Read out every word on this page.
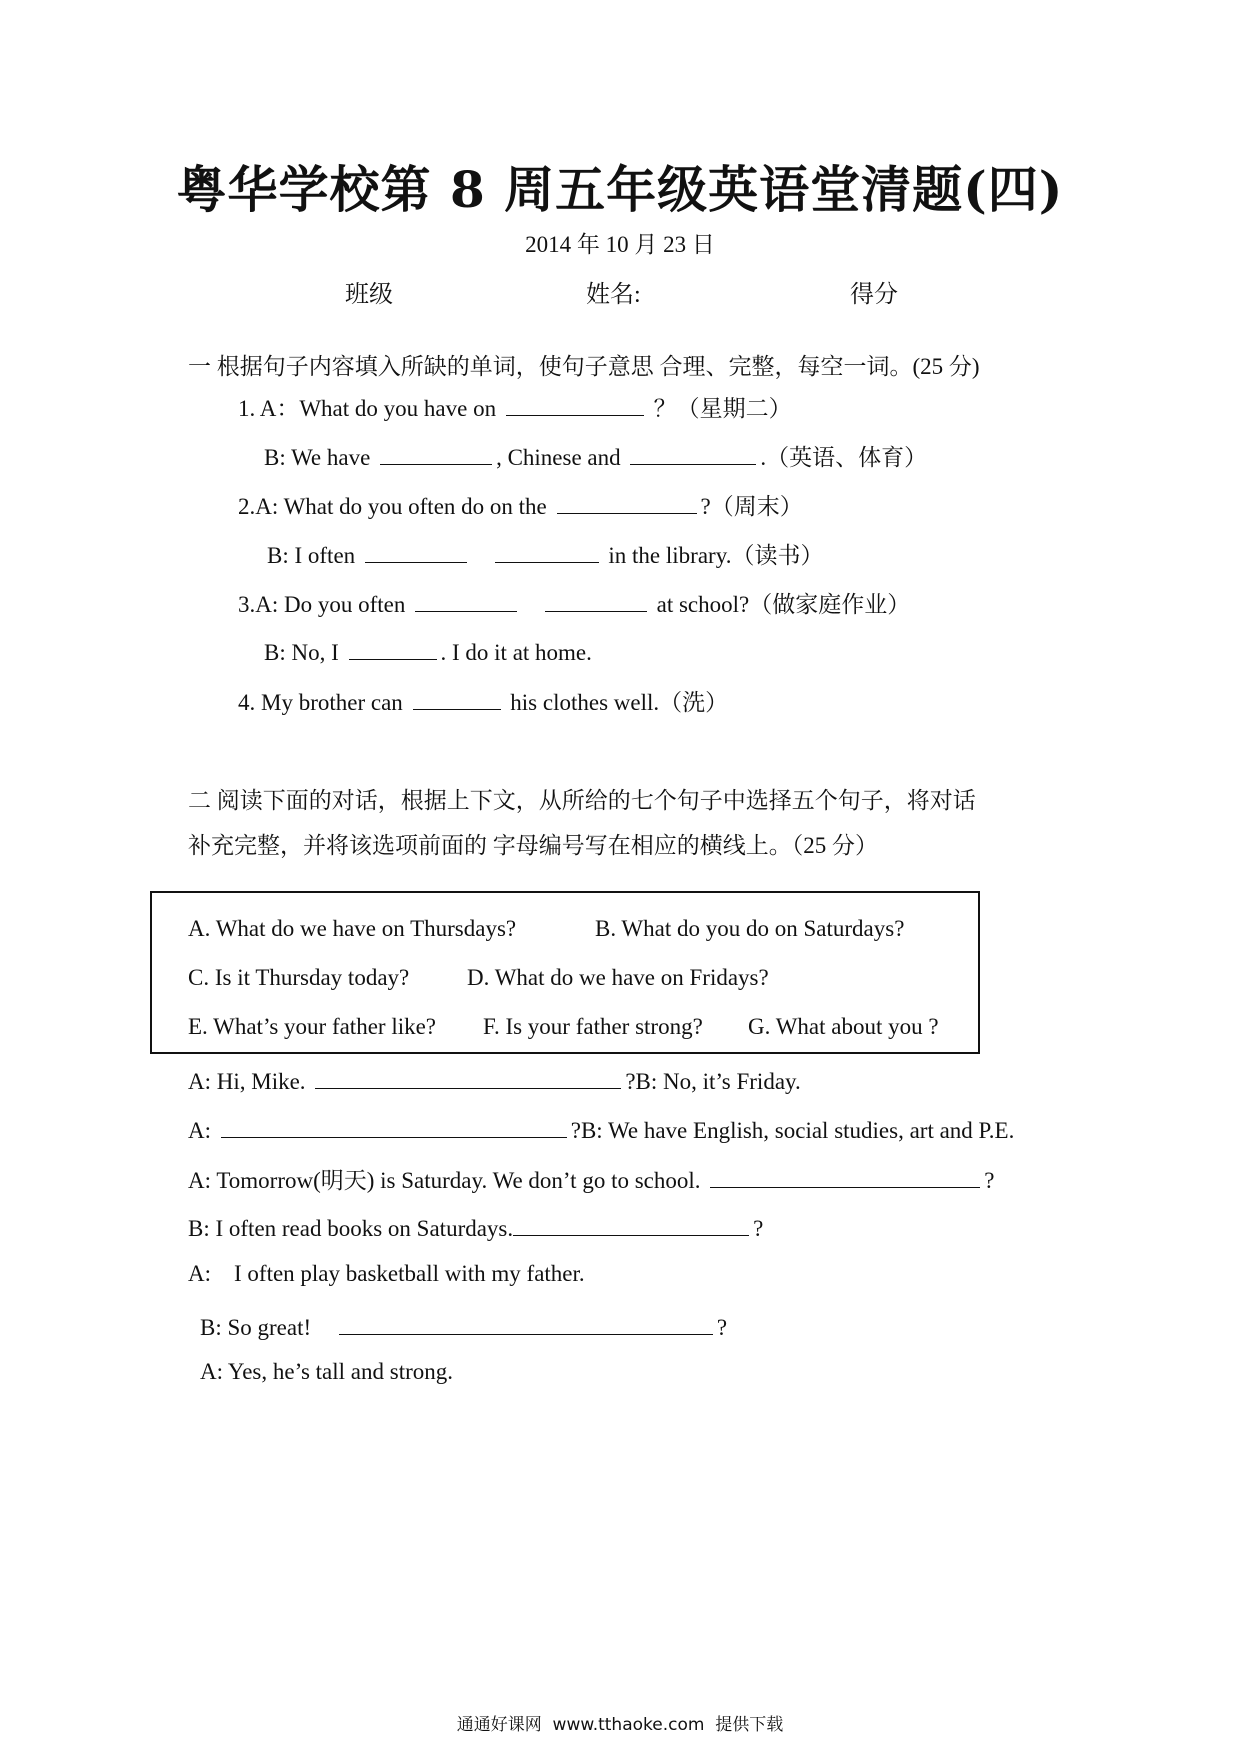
粤华学校第 8 周五年级英语堂清题(四)
2014 年 10 月 23 日
班级	姓名:	得分
一 根据句子内容填入所缺的单词，使句子意思 合理、完整，每空一词。(25 分)
1. A：What do you have on	？（星期二）
B: We have	, Chinese and	.（英语、体育）
2.A: What do you often do on the	?（周末）
B: I often	in the library.（读书）
3.A: Do you often	at school?（做家庭作业）
B: No, I	. I do it at home.
4. My brother can	his clothes well.（洗）
二 阅读下面的对话，根据上下文，从所给的七个句子中选择五个句子，将对话
补充完整，并将该选项前面的 字母编号写在相应的横线上。（25 分）
A. What do we have on Thursdays?	B. What do you do on Saturdays?
C. Is it Thursday today?	D. What do we have on Fridays?
E. What’s your father like? F. Is your father strong? G. What about you ?
A: Hi, Mike.	?B: No, it’s Friday.
A:	?B: We have English, social studies, art and P.E.
A: Tomorrow(明天) is Saturday. We don’t go to school.	?
B: I often read books on Saturdays.	?
A:    I often play basketball with my father.
B: So great!	?
A: Yes, he’s tall and strong.
通通好课网  www.tthaoke.com  提供下载
